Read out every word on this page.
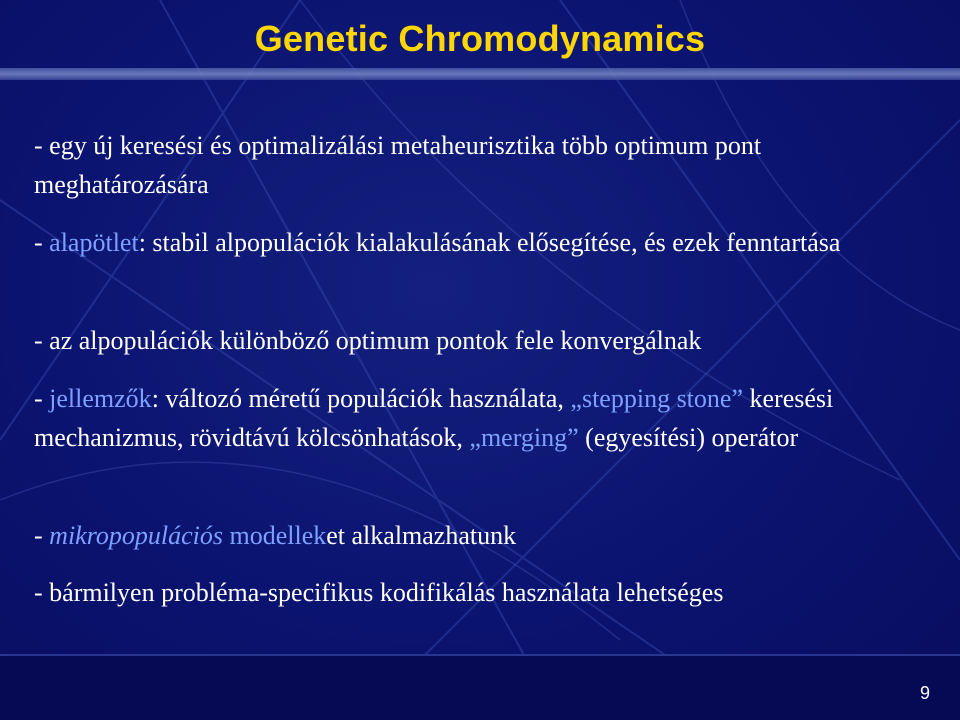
Genetic Chromodynamics
- egy új keresési és optimalizálási metaheurisztika több optimum pont meghatározására
- alapötlet: stabil alpopulációk kialakulásának elősegítése, és ezek fenntartása
- az alpopulációk különböző optimum pontok fele konvergálnak
- jellemzők: változó méretű populációk használata, „stepping stone” keresési mechanizmus, rövidtávú kölcsönhatások, „merging” (egyesítési) operátor
- mikropopulációs modelleket alkalmazhatunk
- bármilyen probléma-specifikus kodifikálás használata lehetséges
9
